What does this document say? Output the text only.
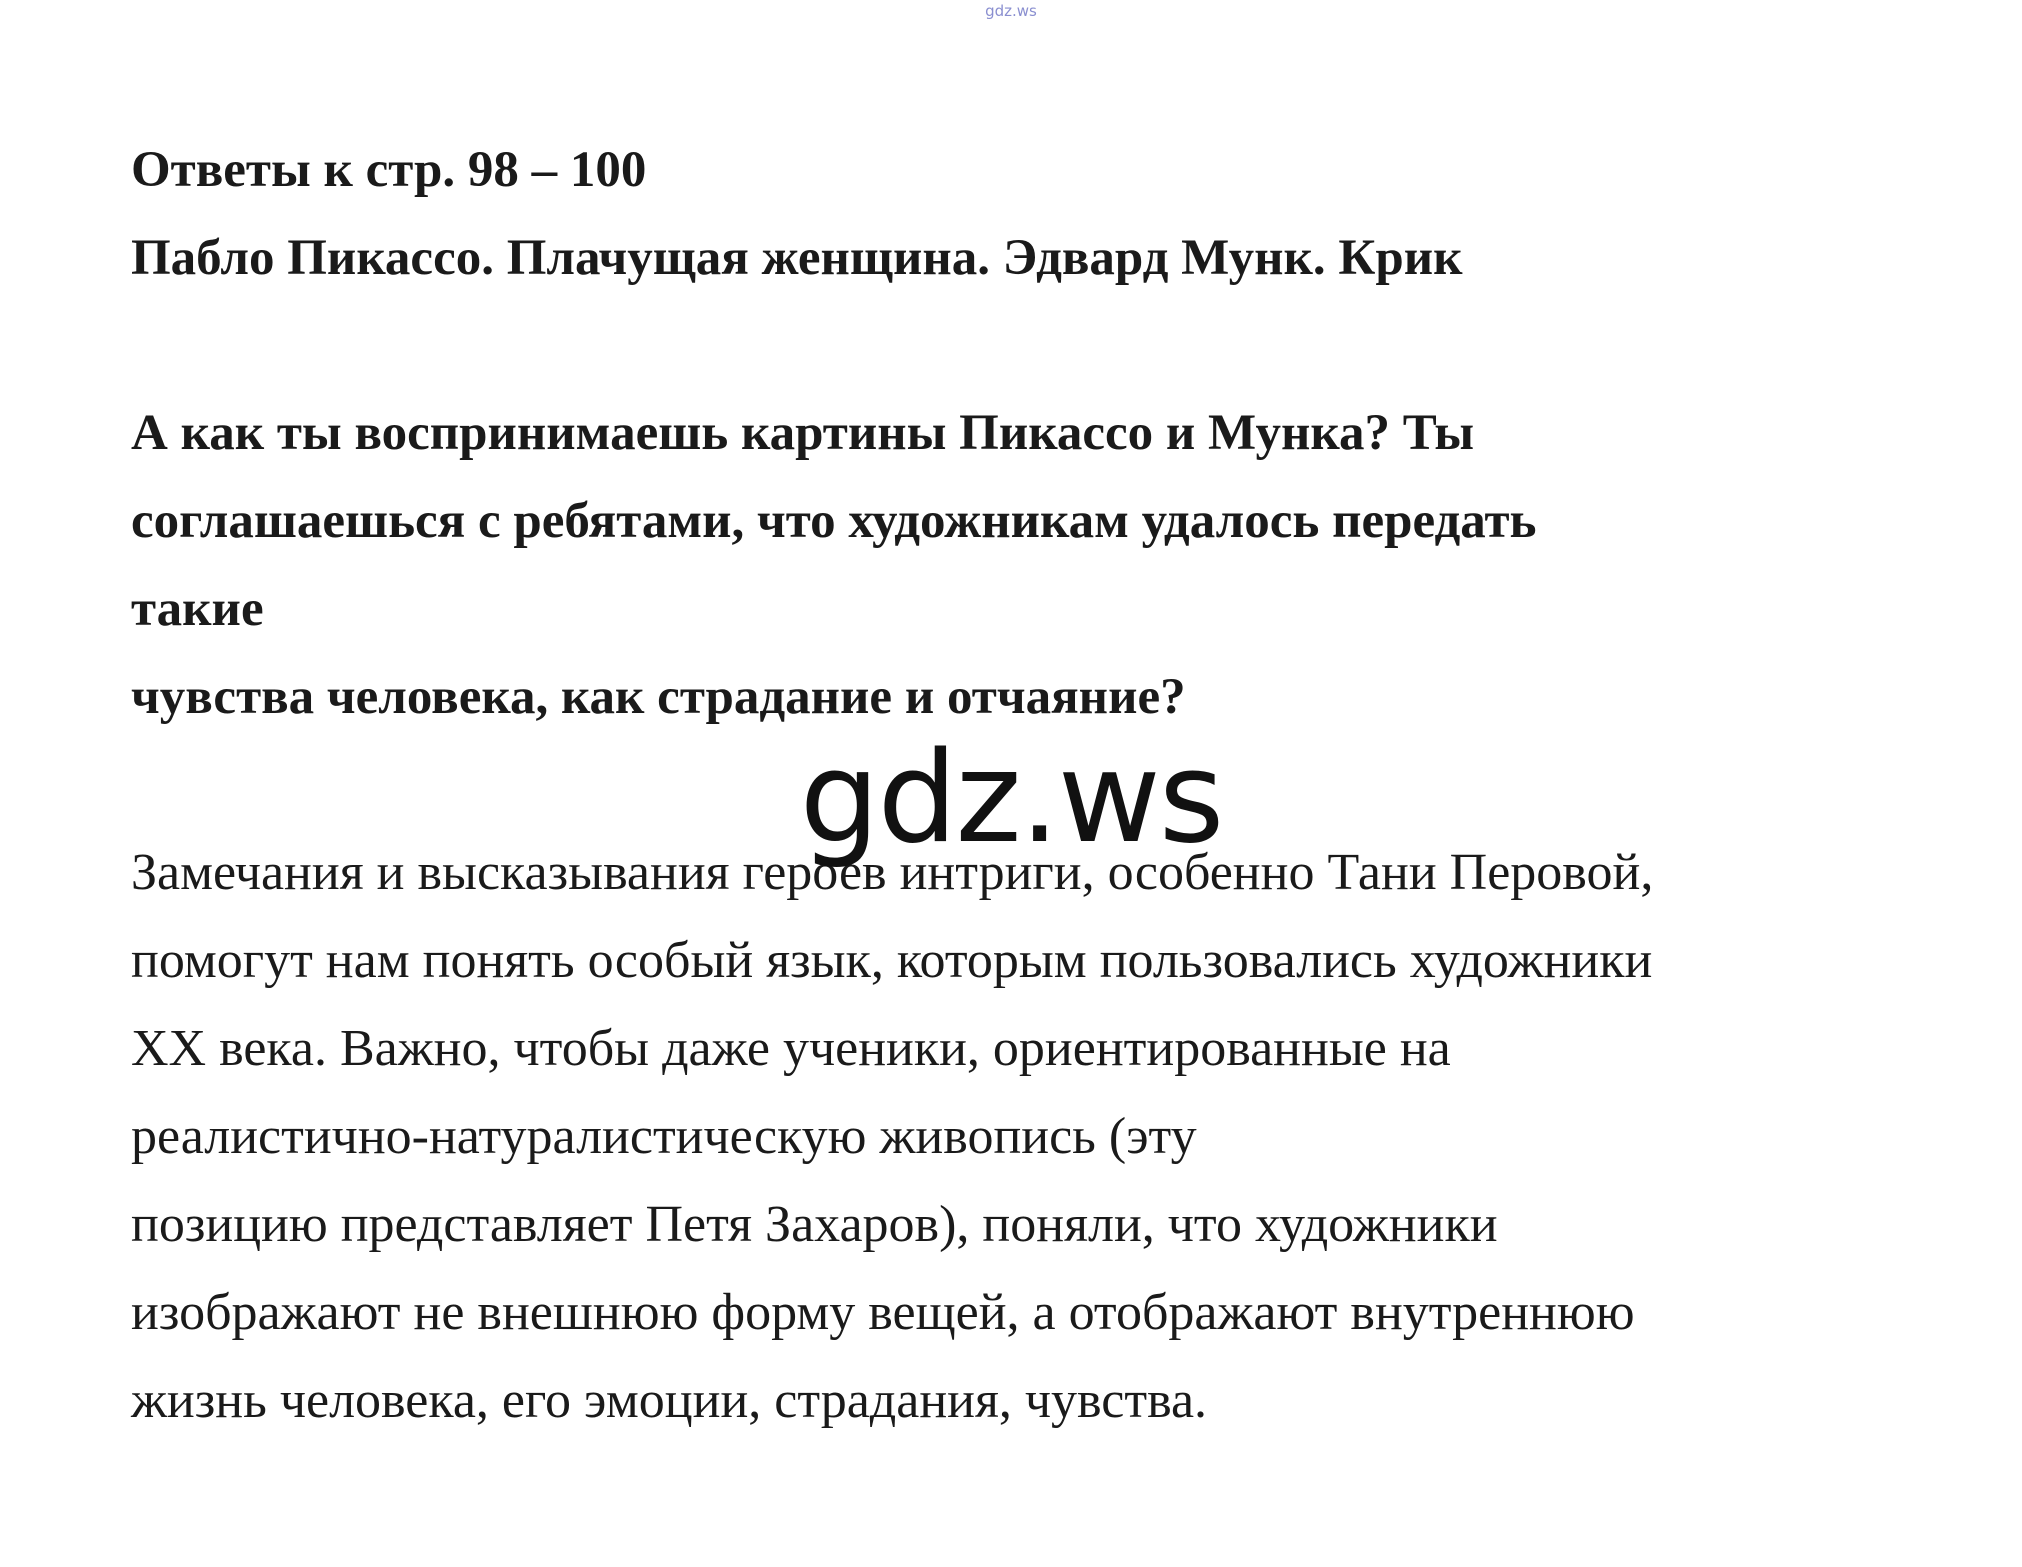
gdz.ws
Ответы к стр. 98 – 100
Пабло Пикассо. Плачущая женщина. Эдвард Мунк. Крик
А как ты воспринимаешь картины Пикассо и Мунка? Ты
соглашаешься с ребятами, что художникам удалось передать
такие
чувства человека, как страдание и отчаяние?
Замечания и высказывания героев интриги, особенно Тани Перовой,
помогут нам понять особый язык, которым пользовались художники
XX века. Важно, чтобы даже ученики, ориентированные на
реалистично-натуралистическую живопись (эту
позицию представляет Петя Захаров), поняли, что художники
изображают не внешнюю форму вещей, а отображают внутреннюю
жизнь человека, его эмоции, страдания, чувства.
gdz.ws
